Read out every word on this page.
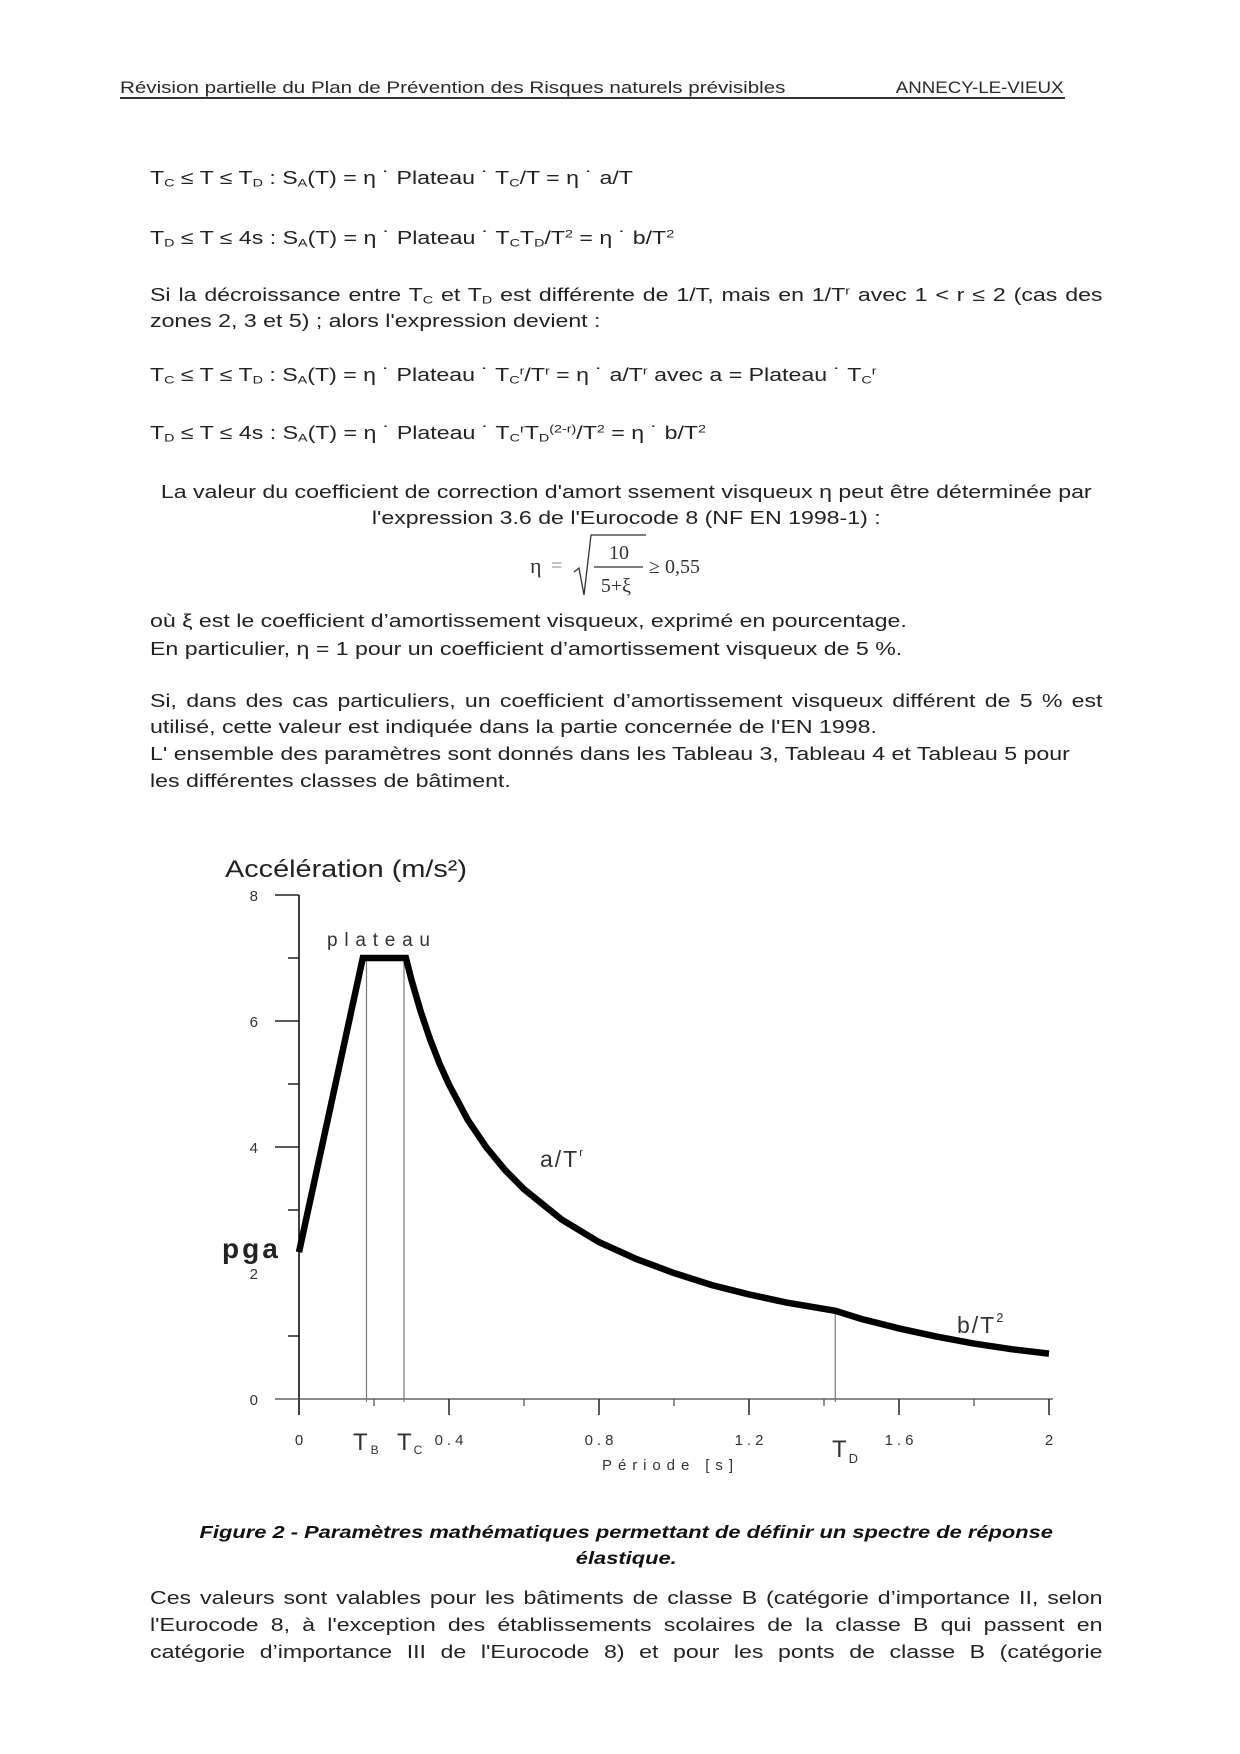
Révision partielle du Plan de Prévention des Risques naturels prévisibles	ANNECY-LE-VIEUX
$T_C \le T \le T_D$ : $S_A(T) = \eta$ ˙ Plateau ˙ $T_C/T = \eta$ ˙ a/T
$T_D \le T \le 4s$ : $S_A(T) = \eta$ ˙ Plateau ˙ $T_CT_D/T^2 = \eta$ ˙ $b/T^2$
Si la décroissance entre $T_C$ et $T_D$ est différente de 1/T, mais en $1/T^r$ avec 1 < r ≤ 2 (cas des
zones 2, 3 et 5) ; alors l'expression devient :
$T_C \le T \le T_D$ : $S_A(T) = \eta$ ˙ Plateau ˙ $T_C^r/T^r = \eta$ ˙ $a/T^r$ avec a = Plateau ˙ $T_C^r$
$T_D \le T \le 4s$ : $S_A(T) = \eta$ ˙ Plateau ˙ $T_C^rT_D^{(2-r)}/T^2 = \eta$ ˙ $b/T^2$
La valeur du coefficient de correction d'amort ssement visqueux η peut être déterminée par
l'expression 3.6 de l'Eurocode 8 (NF EN 1998-1) :
η =
10
5+ξ
≥ 0,55
où ξ est le coefficient d’amortissement visqueux, exprimé en pourcentage.
En particulier, η = 1 pour un coefficient d’amortissement visqueux de 5 %.
Si, dans des cas particuliers, un coefficient d’amortissement visqueux différent de 5 % est
utilisé, cette valeur est indiquée dans la partie concernée de l'EN 1998.
L' ensemble des paramètres sont donnés dans les Tableau 3, Tableau 4 et Tableau 5 pour
les différentes classes de bâtiment.
0
2
4
6
8
0	0.4	0.8	1.2	1.6	2
Accélération (m/s²)
plateau
$a/T^r$
$b/T^2$
pga
Période [s]
T B T C	T $_D$
Figure 2 - Paramètres mathématiques permettant de définir un spectre de réponse
élastique.
Ces valeurs sont valables pour les bâtiments de classe B (catégorie d’importance II, selon
l'Eurocode 8, à l'exception des établissements scolaires de la classe B qui passent en
catégorie d’importance III de l'Eurocode 8) et pour les ponts de classe B (catégorie
